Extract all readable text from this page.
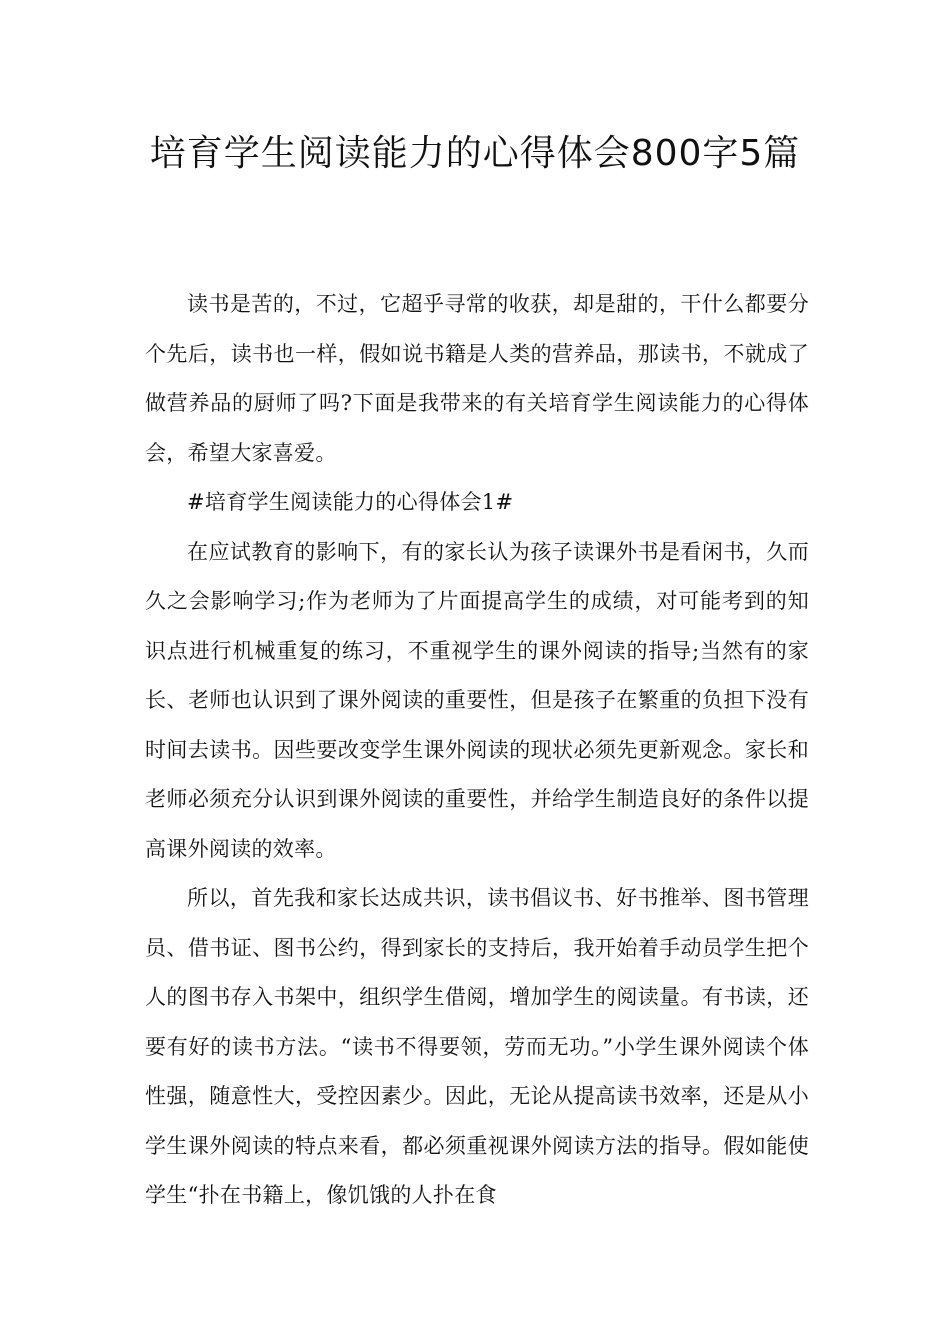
培育学生阅读能力的心得体会800字5篇

读书是苦的，不过，它超乎寻常的收获，却是甜的，干什么都要分个先后，读书也一样，假如说书籍是人类的营养品，那读书，不就成了做营养品的厨师了吗?下面是我带来的有关培育学生阅读能力的心得体会，希望大家喜爱。

#培育学生阅读能力的心得体会1#

在应试教育的影响下，有的家长认为孩子读课外书是看闲书，久而久之会影响学习;作为老师为了片面提高学生的成绩，对可能考到的知识点进行机械重复的练习，不重视学生的课外阅读的指导;当然有的家长、老师也认识到了课外阅读的重要性，但是孩子在繁重的负担下没有时间去读书。因些要改变学生课外阅读的现状必须先更新观念。家长和老师必须充分认识到课外阅读的重要性，并给学生制造良好的条件以提高课外阅读的效率。

所以，首先我和家长达成共识，读书倡议书、好书推举、图书管理员、借书证、图书公约，得到家长的支持后，我开始着手动员学生把个人的图书存入书架中，组织学生借阅，增加学生的阅读量。有书读，还要有好的读书方法。“读书不得要领，劳而无功。”小学生课外阅读个体性强，随意性大，受控因素少。因此，无论从提高读书效率，还是从小学生课外阅读的特点来看，都必须重视课外阅读方法的指导。假如能使学生“扑在书籍上，像饥饿的人扑在食
